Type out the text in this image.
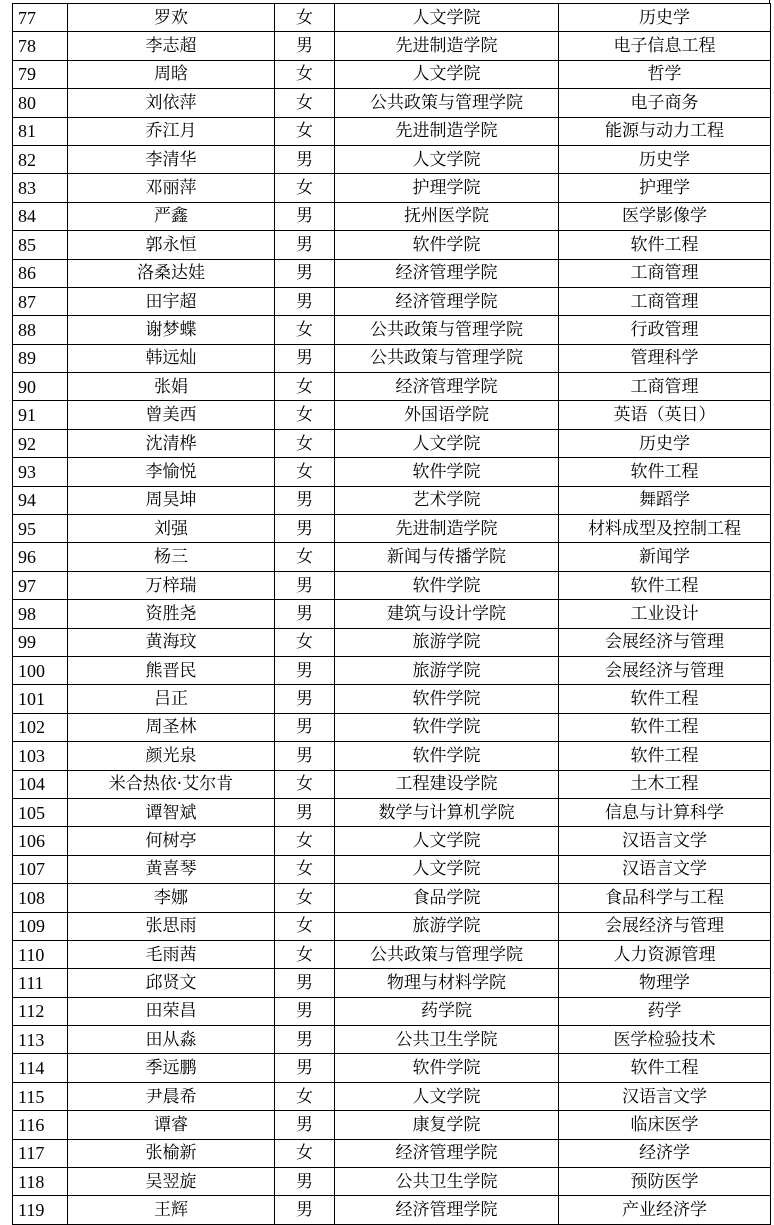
77	罗欢	女	人文学院	历史学
78	李志超	男	先进制造学院	电子信息工程
79	周晗	女	人文学院	哲学
80	刘依萍	女	公共政策与管理学院	电子商务
81	乔江月	女	先进制造学院	能源与动力工程
82	李清华	男	人文学院	历史学
83	邓丽萍	女	护理学院	护理学
84	严鑫	男	抚州医学院	医学影像学
85	郭永恒	男	软件学院	软件工程
86	洛桑达娃	男	经济管理学院	工商管理
87	田宇超	男	经济管理学院	工商管理
88	谢梦蝶	女	公共政策与管理学院	行政管理
89	韩远灿	男	公共政策与管理学院	管理科学
90	张娟	女	经济管理学院	工商管理
91	曾美西	女	外国语学院	英语（英日）
92	沈清桦	女	人文学院	历史学
93	李愉悦	女	软件学院	软件工程
94	周昊坤	男	艺术学院	舞蹈学
95	刘强	男	先进制造学院	材料成型及控制工程
96	杨三	女	新闻与传播学院	新闻学
97	万梓瑞	男	软件学院	软件工程
98	资胜尧	男	建筑与设计学院	工业设计
99	黄海玟	女	旅游学院	会展经济与管理
100	熊晋民	男	旅游学院	会展经济与管理
101	吕正	男	软件学院	软件工程
102	周圣林	男	软件学院	软件工程
103	颜光泉	男	软件学院	软件工程
104	米合热依·艾尔肯	女	工程建设学院	土木工程
105	谭智斌	男	数学与计算机学院	信息与计算科学
106	何树亭	女	人文学院	汉语言文学
107	黄喜琴	女	人文学院	汉语言文学
108	李娜	女	食品学院	食品科学与工程
109	张思雨	女	旅游学院	会展经济与管理
110	毛雨茜	女	公共政策与管理学院	人力资源管理
111	邱贤文	男	物理与材料学院	物理学
112	田荣昌	男	药学院	药学
113	田从淼	男	公共卫生学院	医学检验技术
114	季远鹏	男	软件学院	软件工程
115	尹晨希	女	人文学院	汉语言文学
116	谭睿	男	康复学院	临床医学
117	张榆新	女	经济管理学院	经济学
118	吴翌旋	男	公共卫生学院	预防医学
119	王辉	男	经济管理学院	产业经济学
